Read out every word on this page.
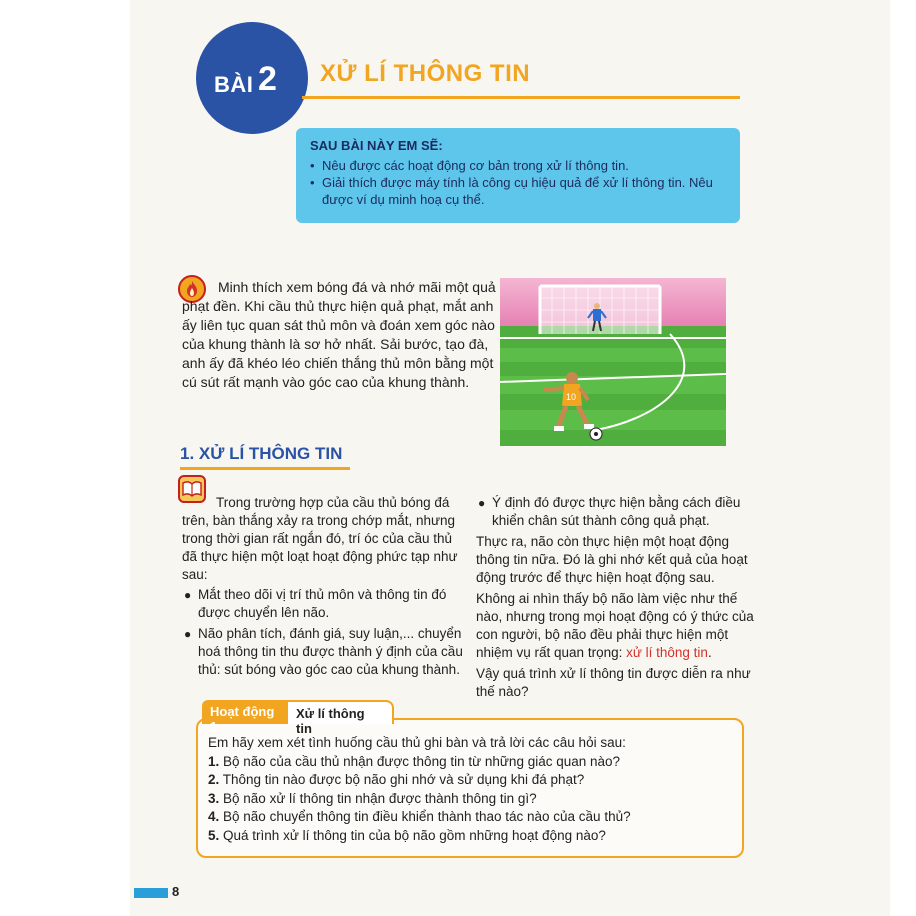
BÀI 2	XỬ LÍ THÔNG TIN
SAU BÀI NÀY EM SẼ:
• Nêu được các hoạt động cơ bản trong xử lí thông tin.
• Giải thích được máy tính là công cụ hiệu quả để xử lí thông tin. Nêu được ví dụ minh hoạ cụ thể.
Minh thích xem bóng đá và nhớ mãi một quả phạt đền. Khi cầu thủ thực hiện quả phạt, mắt anh ấy liên tục quan sát thủ môn và đoán xem góc nào của khung thành là sơ hở nhất. Sải bước, tạo đà, anh ấy đã khéo léo chiến thắng thủ môn bằng một cú sút rất mạnh vào góc cao của khung thành.
10
1. XỬ LÍ THÔNG TIN
Trong trường hợp của cầu thủ bóng đá trên, bàn thắng xảy ra trong chớp mắt, nhưng trong thời gian rất ngắn đó, trí óc của cầu thủ đã thực hiện một loạt hoạt động phức tạp như sau:
● Mắt theo dõi vị trí thủ môn và thông tin đó được chuyển lên não.
● Não phân tích, đánh giá, suy luận,... chuyển hoá thông tin thu được thành ý định của cầu thủ: sút bóng vào góc cao của khung thành.
● Ý định đó được thực hiện bằng cách điều khiển chân sút thành công quả phạt.
Thực ra, não còn thực hiện một hoạt động thông tin nữa. Đó là ghi nhớ kết quả của hoạt động trước để thực hiện hoạt động sau.
Không ai nhìn thấy bộ não làm việc như thế nào, nhưng trong mọi hoạt động có ý thức của con người, bộ não đều phải thực hiện một nhiệm vụ rất quan trọng: xử lí thông tin.
Vậy quá trình xử lí thông tin được diễn ra như thế nào?
Hoạt động 1
Xử lí thông tin
Em hãy xem xét tình huống cầu thủ ghi bàn và trả lời các câu hỏi sau:
1. Bộ não của cầu thủ nhận được thông tin từ những giác quan nào?
2. Thông tin nào được bộ não ghi nhớ và sử dụng khi đá phạt?
3. Bộ não xử lí thông tin nhận được thành thông tin gì?
4. Bộ não chuyển thông tin điều khiển thành thao tác nào của cầu thủ?
5. Quá trình xử lí thông tin của bộ não gồm những hoạt động nào?
8
